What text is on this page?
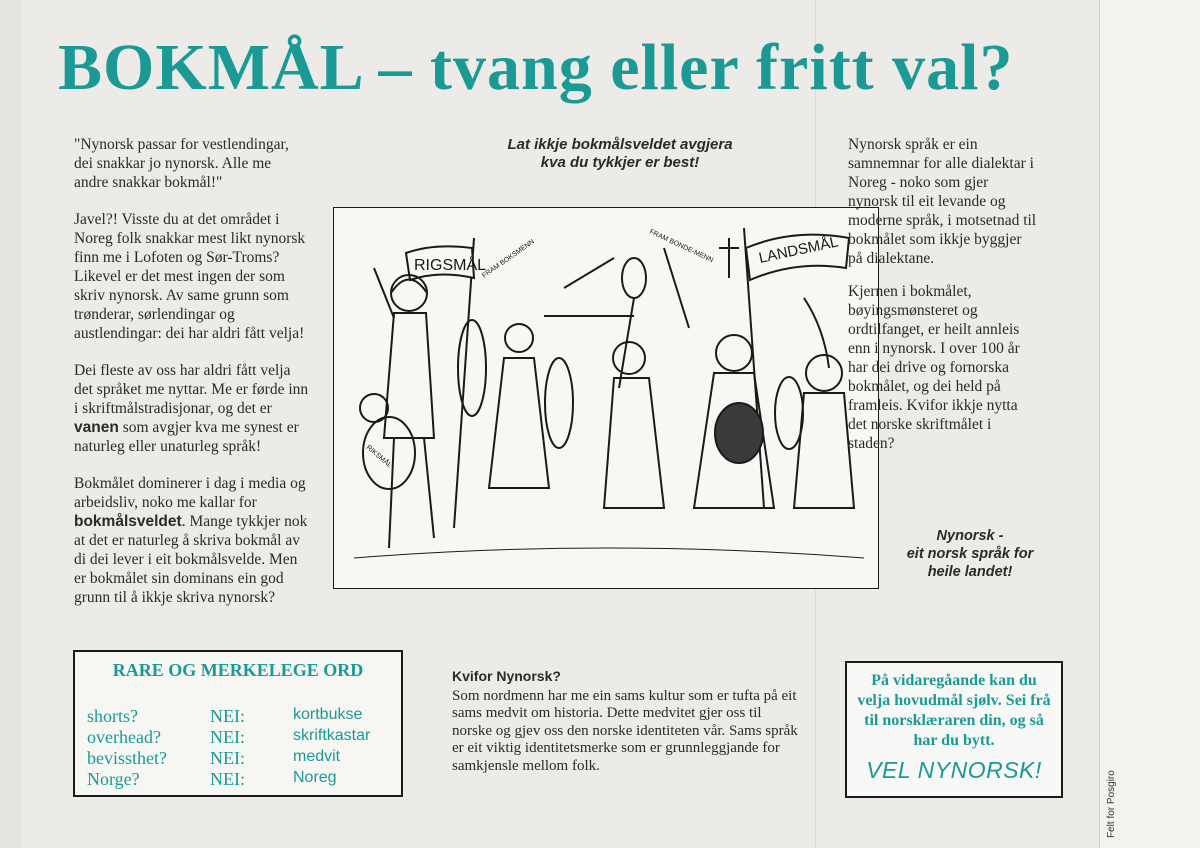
BOKMÅL – tvang eller fritt val?

"Nynorsk passar for vestlendingar, dei snakkar jo nynorsk. Alle me andre snakkar bokmål!"

Javel?! Visste du at det området i Noreg folk snakkar mest likt nynorsk finn me i Lofoten og Sør-Troms? Likevel er det mest ingen der som skriv nynorsk. Av same grunn som trønderar, sørlendingar og austlendingar: dei har aldri fått velja!

Dei fleste av oss har aldri fått velja det språket me nyttar. Me er førde inn i skriftmålstradisjonar, og det er vanen som avgjer kva me synest er naturleg eller unaturleg språk!

Bokmålet dominerer i dag i media og arbeidsliv, noko me kallar for bokmålsveldet. Mange tykkjer nok at det er naturleg å skriva bokmål av di dei lever i eit bokmålsvelde. Men er bokmålet sin dominans ein god grunn til å ikkje skriva nynorsk?

Lat ikkje bokmålsveldet avgjera
kva du tykkjer er best!
RIGSMÅL	LANDSMÅL
FRAM BOKSMENN	FRAM BONDE-MENN
RIKSMÅL

Nynorsk språk er ein samnemnar for alle dialektar i Noreg - noko som gjer nynorsk til eit levande og moderne språk, i motsetnad til bokmålet som ikkje byggjer på dialektane.

Kjernen i bokmålet, bøyingsmønsteret og ordtilfanget, er heilt annleis enn i nynorsk. I over 100 år har dei drive og fornorska bokmålet, og dei held på framleis. Kvifor ikkje nytta det norske skriftmålet i staden?

Nynorsk -
eit norsk språk for
heile landet!
RARE OG MERKELEGE ORD
shorts?	NEI:	kortbukse
overhead?	NEI:	skriftkastar
bevissthet? NEI:	medvit
Norge?	NEI:	Noreg
Kvifor Nynorsk?

Som nordmenn har me ein sams kultur som er tufta på eit sams medvit om historia. Dette medvitet gjer oss til norske og gjev oss den norske identiteten vår. Sams språk er eit viktig identitetsmerke som er grunnleggjande for samkjensle mellom folk.

På vidaregåande kan du velja hovudmål sjølv. Sei frå til norsklæraren din, og så har du bytt.
VEL NYNORSK!
Felt for Posgiro
